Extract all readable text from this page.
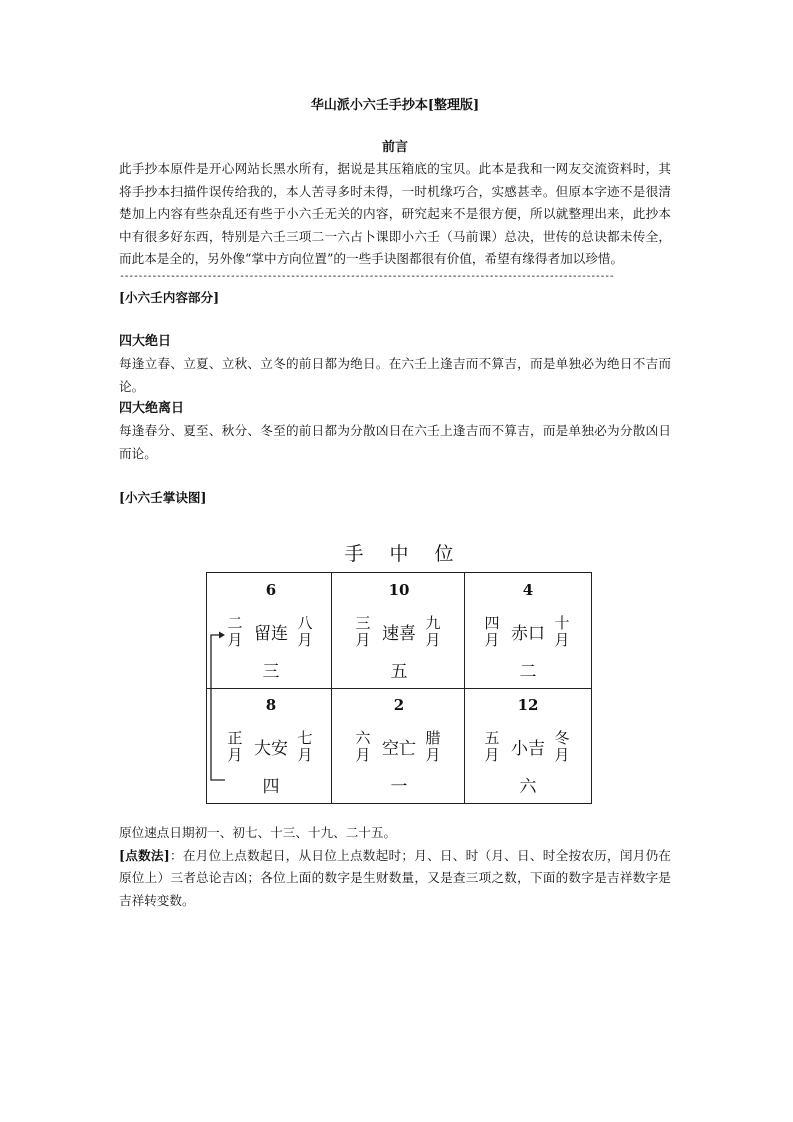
华山派小六壬手抄本[整理版]

前言

此手抄本原件是开心网站长黑水所有，据说是其压箱底的宝贝。此本是我和一网友交流资料时，其将手抄本扫描件误传给我的，本人苦寻多时未得，一时机缘巧合，实感甚幸。但原本字迹不是很清楚加上内容有些杂乱还有些于小六壬无关的内容，研究起来不是很方便，所以就整理出来，此抄本中有很多好东西，特别是六壬三项二一六占卜课即小六壬（马前课）总决，世传的总诀都未传全，而此本是全的，另外像“掌中方向位置”的一些手诀图都很有价值，希望有缘得者加以珍惜。

-----------------------------------------------------------------------------------------------------------

[小六壬内容部分]

四大绝日

每逢立春、立夏、立秋、立冬的前日都为绝日。在六壬上逢吉而不算吉，而是单独必为绝日不吉而论。

四大绝离日

每逢春分、夏至、秋分、冬至的前日都为分散凶日在六壬上逢吉而不算吉，而是单独必为分散凶日而论。

[小六壬掌诀图]

手中位
6
二月 留连
八月
三
10
三月 速喜
九月
五
4
四月 赤口
十月
二
8
正月 大安
七月
四
2
六月 空亡
腊月
一
12
五月 小吉
冬月
六

原位速点日期初一、初七、十三、十九、二十五。

[点数法]：在月位上点数起日，从日位上点数起时；月、日、时（月、日、时全按农历，闰月仍在原位上）三者总论吉凶；各位上面的数字是生财数量，又是查三项之数，下面的数字是吉祥数字是吉祥转变数。
